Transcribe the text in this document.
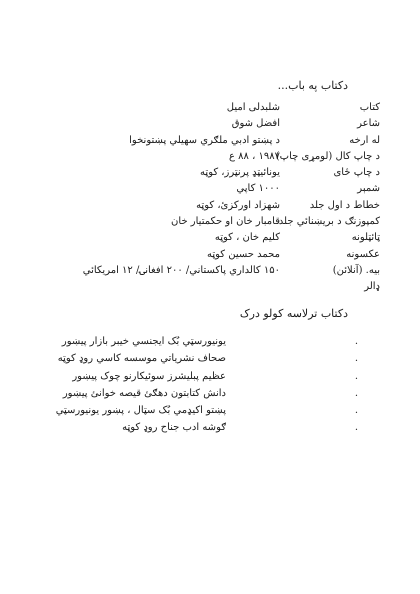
دکتاب په باب...
کتاب
شلبدلی امیل
شاعر
افضل شوق
له ارخه
د پښتو ادبي ملګري سهیلي پښتونخوا
د چاپ کال (لومړی چاپ)
۱۹۸۷ ، ۸۸ ع
د چاپ ځای
یونائیټډ پرنټرز، کوټه
شمېر
۱۰۰۰ کاپي
خطاط د اول جلد
شهزاد اورکزئ، کوټه
کمپوزنګ د بریښنائي جلد
قامبار خان او حکمتیار خان
ټائټلونه
کلیم خان ، کوټه
عکسونه
محمد حسین کوټه
بیه. (آنلائن)
۱۵۰ کالداري پاکستاني/ ۲۰۰ افغانۍ/ ۱۲ امریکائي
ډالر
دکتاب ترلاسه کولو درک
.
یونیورسټي بُک ایجنسي خیبر بازار پیښور
.
صحاف نشریاتي موسسه کاسي روډ کوټه
.
عظیم پبلیشرز سوئیکارنو چوک پیښور
.
دانش کتابتون دهګئ قیصه خوانئ پیښور
.
پښتو اکیډمي بُک سټال ، پښور یونیورسټي
.
ګوشه ادب جناح روډ کوټه
